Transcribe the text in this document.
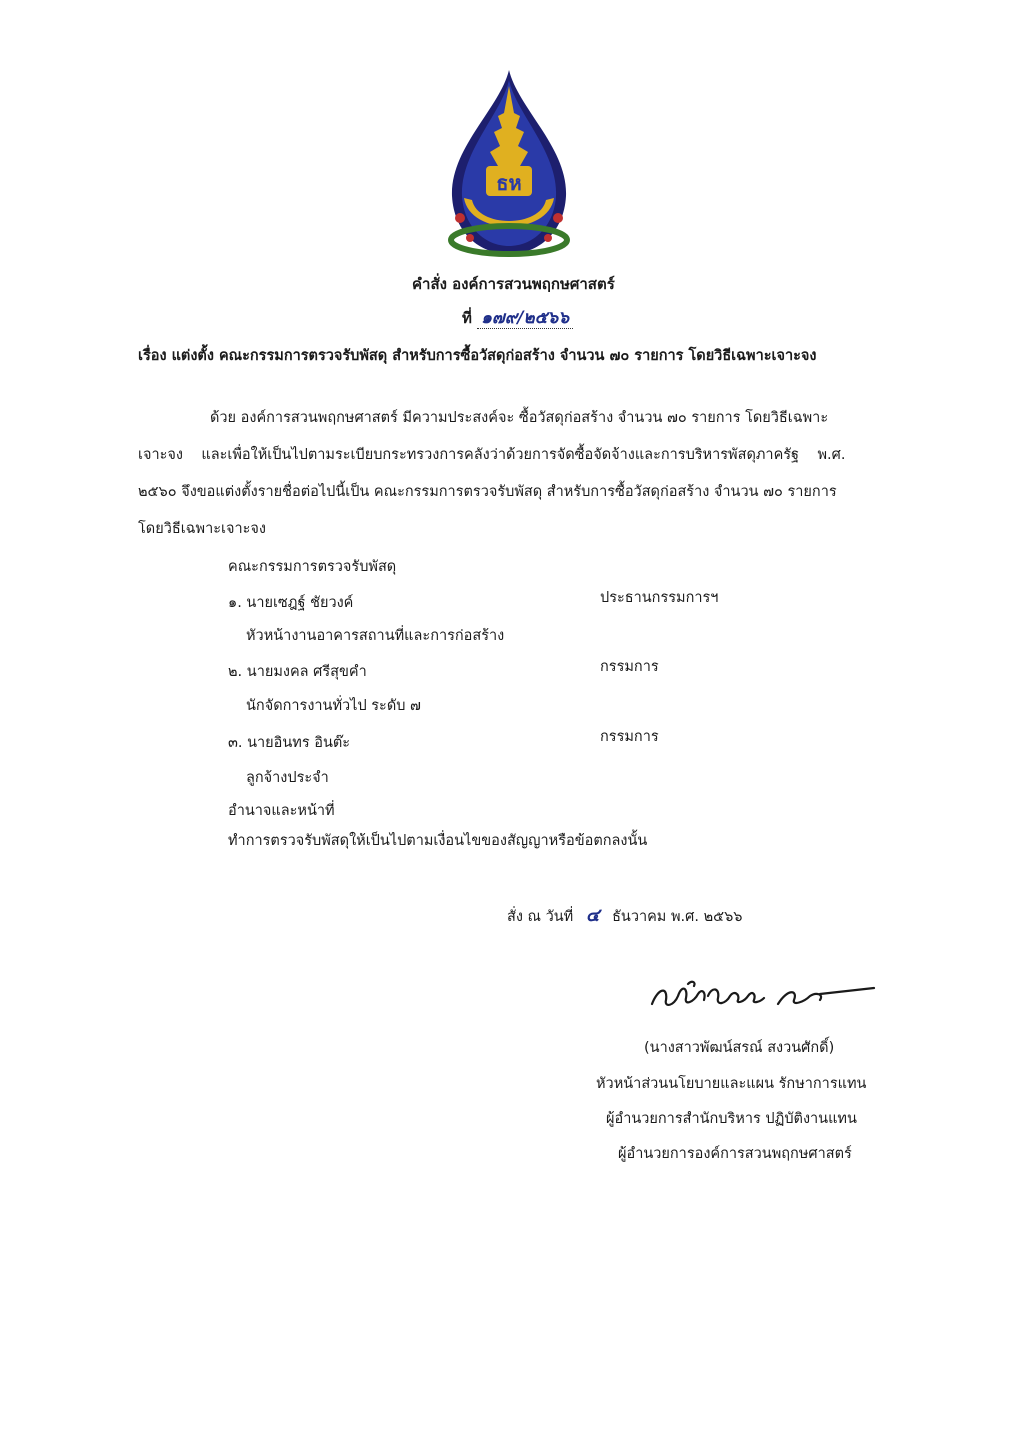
ธห
คำสั่ง องค์การสวนพฤกษศาสตร์
ที่ ๑๗๙/๒๕๖๖
เรื่อง แต่งตั้ง คณะกรรมการตรวจรับพัสดุ สำหรับการซื้อวัสดุก่อสร้าง จำนวน ๗๐ รายการ โดยวิธีเฉพาะเจาะจง
ด้วย องค์การสวนพฤกษศาสตร์ มีความประสงค์จะ ซื้อวัสดุก่อสร้าง จำนวน ๗๐ รายการ โดยวิธีเฉพาะ
เจาะจง    และเพื่อให้เป็นไปตามระเบียบกระทรวงการคลังว่าด้วยการจัดซื้อจัดจ้างและการบริหารพัสดุภาครัฐ    พ.ศ.
๒๕๖๐ จึงขอแต่งตั้งรายชื่อต่อไปนี้เป็น คณะกรรมการตรวจรับพัสดุ สำหรับการซื้อวัสดุก่อสร้าง จำนวน ๗๐ รายการ
โดยวิธีเฉพาะเจาะจง
คณะกรรมการตรวจรับพัสดุ
๑. นายเซฎฐ์ ชัยวงค์	ประธานกรรมการฯ
หัวหน้างานอาคารสถานที่และการก่อสร้าง
๒. นายมงคล ศรีสุขคำ	กรรมการ
นักจัดการงานทั่วไป ระดับ ๗
๓. นายอินทร อินต๊ะ	กรรมการ
ลูกจ้างประจำ
อำนาจและหน้าที่
ทำการตรวจรับพัสดุให้เป็นไปตามเงื่อนไขของสัญญาหรือข้อตกลงนั้น
สั่ง ณ วันที่ ๔ ธันวาคม พ.ศ. ๒๕๖๖
(นางสาวพัฒน์สรณ์ สงวนศักดิ์)
หัวหน้าส่วนนโยบายและแผน รักษาการแทน
ผู้อำนวยการสำนักบริหาร ปฏิบัติงานแทน
ผู้อำนวยการองค์การสวนพฤกษศาสตร์
